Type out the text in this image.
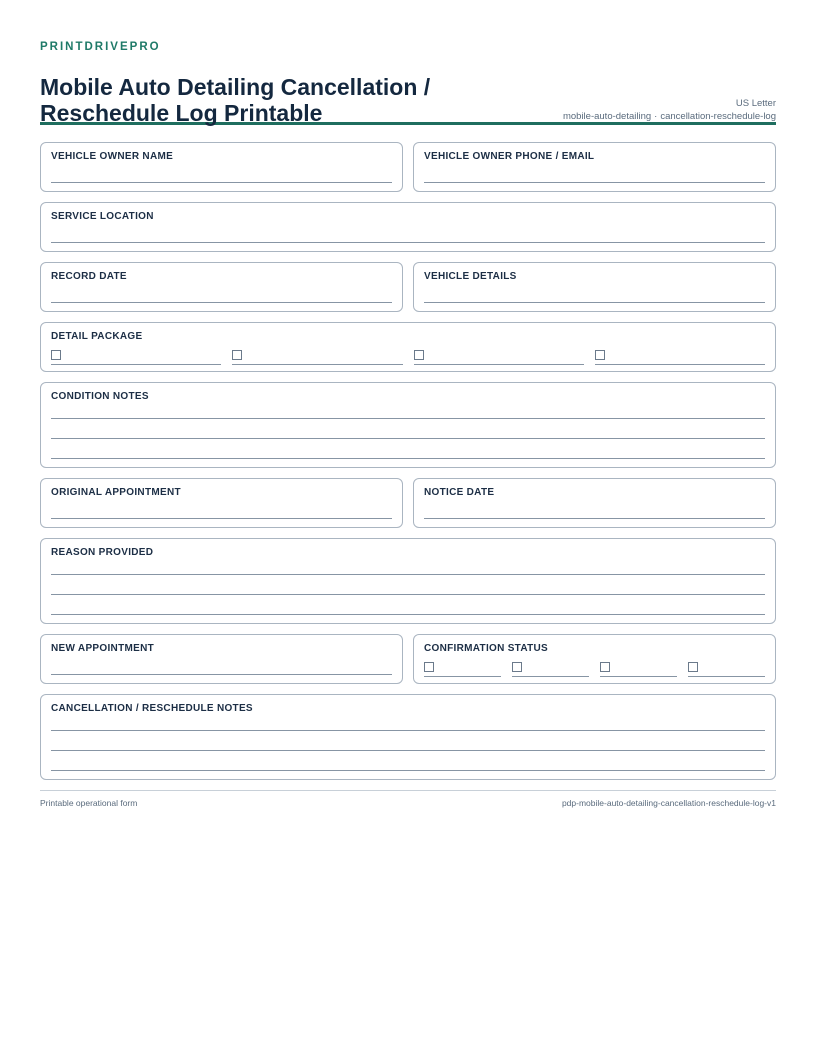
PRINTDRIVEPRO
Mobile Auto Detailing Cancellation / Reschedule Log Printable	US Letter
mobile-auto-detailing · cancellation-reschedule-log
VEHICLE OWNER NAME	VEHICLE OWNER PHONE / EMAIL
SERVICE LOCATION
RECORD DATE	VEHICLE DETAILS
DETAIL PACKAGE
CONDITION NOTES
ORIGINAL APPOINTMENT	NOTICE DATE
REASON PROVIDED
NEW APPOINTMENT	CONFIRMATION STATUS
CANCELLATION / RESCHEDULE NOTES
Printable operational form	pdp-mobile-auto-detailing-cancellation-reschedule-log-v1
